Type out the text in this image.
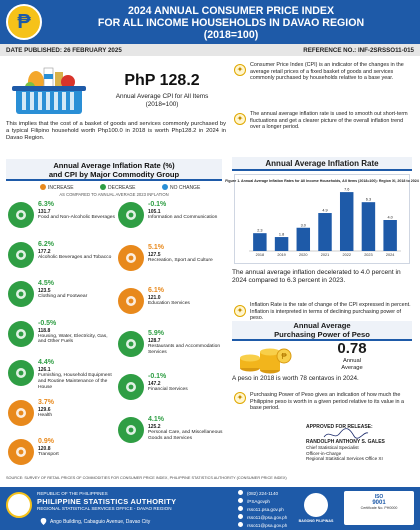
₱	2024 ANNUAL CONSUMER PRICE INDEX
FOR ALL INCOME HOUSEHOLDS IN DAVAO REGION
(2018=100)
DATE PUBLISHED: 26 FEBRUARY 2025	REFERENCE NO.: INF-2SRSSO11-015
PhP 128.2
Annual Average CPI for All Items
(2018=100)
This implies that the cost of a basket of goods and services commonly purchased by a typical Filipino household worth Php100.0 in 2018 is worth Php128.2 in 2024 in Davao Region.
✦	Consumer Price Index (CPI) is an indicator of the changes in the average retail prices of a fixed basket of goods and services commonly purchased by households relative to a base year.
✦	The annual average inflation rate is used to smooth out short-term fluctuations and get a clearer picture of the overall inflation trend over a longer period.
Annual Average Inflation Rate (%)
and CPI by Major Commodity Group
INCREASE	DECREASE	NO CHANGE
AS COMPARED TO ANNUAL AVERAGE 2023 INFLATION
6.3%
131.7
Food and Non-Alcoholic Beverages
6.2%
177.2
Alcoholic Beverages and Tobacco
4.5%
123.5
Clothing and Footwear
-0.5%
118.8
Housing, Water, Electricity, Gas, and Other Fuels
4.4%
126.1
Furnishing, Household Equipment and Routine Maintenance of the House
3.7%
129.6
Health
0.9%
120.8
Transport
-0.1%
105.1
Information and Communication
5.1%
127.5
Recreation, Sport and Culture
6.1%
121.0
Education Services
5.9%
128.7
Restaurants and Accommodation Services
-0.1%
147.2
Financial Services
4.1%
125.2
Personal Care, and Miscellaneous Goods and Services
Annual Average Inflation Rate
Figure 1. Annual Average Inflation Rates for All Income Households, All Items (2018=100): Region XI, 2018 to 2024
2.3
2018
1.8
2019
3.0
2020
4.9
2021
7.6
2022
6.3
2023
4.0
2024
The annual average inflation decelerated to 4.0 percent in 2024 compared to 6.3 percent in 2023.
✦
Inflation Rate is the rate of change of the CPI expressed in percent. Inflation is interpreted in terms of declining purchasing power of peso.
Annual Average
Purchasing Power of Peso
₱	0.78
Annual
Average
A peso in 2018 is worth 78 centavos in 2024.
✦	Purchasing Power of Peso gives an indication of how much the Philippine peso is worth in a given period relative to its value in a base period.
APPROVED FOR RELEASE:
RANDOLPH ANTHONY S. GALES
Chief Statistical Specialist
Officer-in-Charge
Regional Statistical Services Office XI
SOURCE: SURVEY OF RETAIL PRICES OF COMMODITIES FOR CONSUMER PRICE INDEX, PHILIPPINE STATISTICS AUTHORITY (CONSUMER PRICE INDEX)
REPUBLIC OF THE PHILIPPINES
PHILIPPINE STATISTICS AUTHORITY
REGIONAL STATISTICAL SERVICES OFFICE - DAVAO REGION
Ango Building, Cabaguio Avenue, Davao City
(082) 224-1140
/PSAgovph
rsso11.psa.gov.ph
rsso11@psa.gov.ph
rsso11@psa.gov.ph
BAGONG PILIPINAS
ISO
9001
Certificate No. PH0000
